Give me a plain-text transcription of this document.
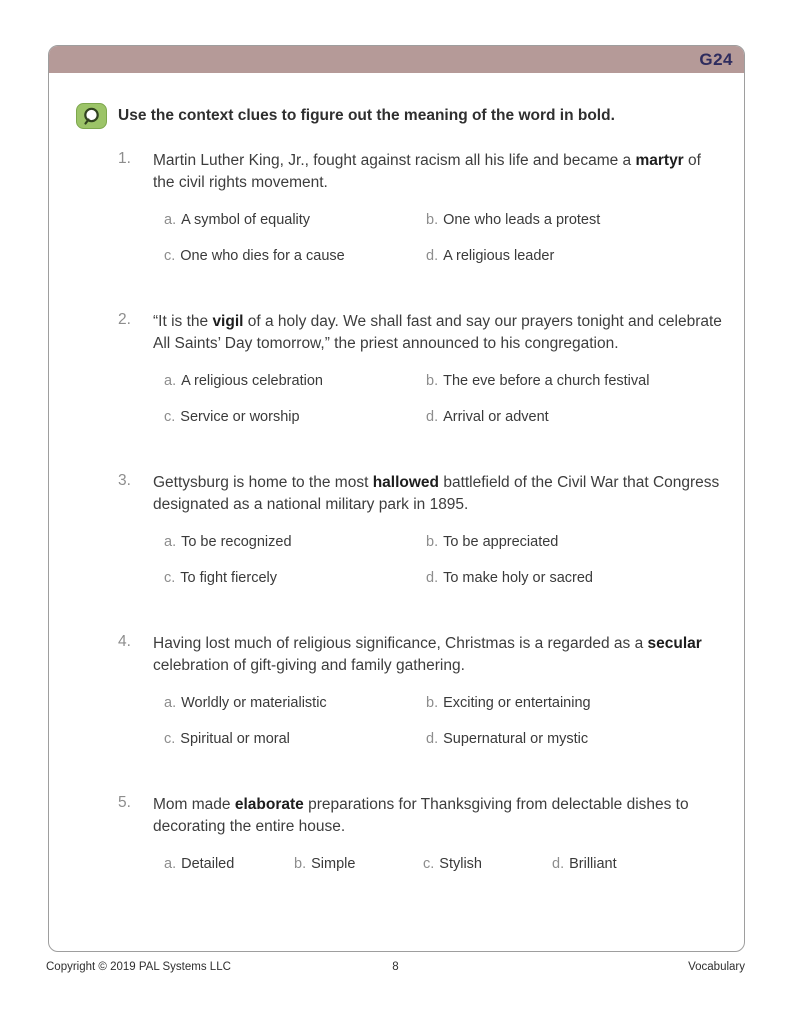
G24
Use the context clues to figure out the meaning of the word in bold.
1.	Martin Luther King, Jr., fought against racism all his life and became a martyr of the civil rights movement.
a. A symbol of equality	b. One who leads a protest
c. One who dies for a cause	d. A religious leader
2.	“It is the vigil of a holy day. We shall fast and say our prayers tonight and celebrate All Saints’ Day tomorrow,” the priest announced to his congregation.
a. A religious celebration	b. The eve before a church festival
c. Service or worship	d. Arrival or advent
3.	Gettysburg is home to the most hallowed battlefield of the Civil War that Congress designated as a national military park in 1895.
a. To be recognized	b. To be appreciated
c. To fight fiercely	d. To make holy or sacred
4.	Having lost much of religious significance, Christmas is a regarded as a secular celebration of gift-giving and family gathering.
a. Worldly or materialistic	b. Exciting or entertaining
c. Spiritual or moral	d. Supernatural or mystic
5.	Mom made elaborate preparations for Thanksgiving from delectable dishes to decorating the entire house.
a. Detailed	b. Simple	c. Stylish	d. Brilliant
Copyright © 2019 PAL Systems LLC	8	Vocabulary
